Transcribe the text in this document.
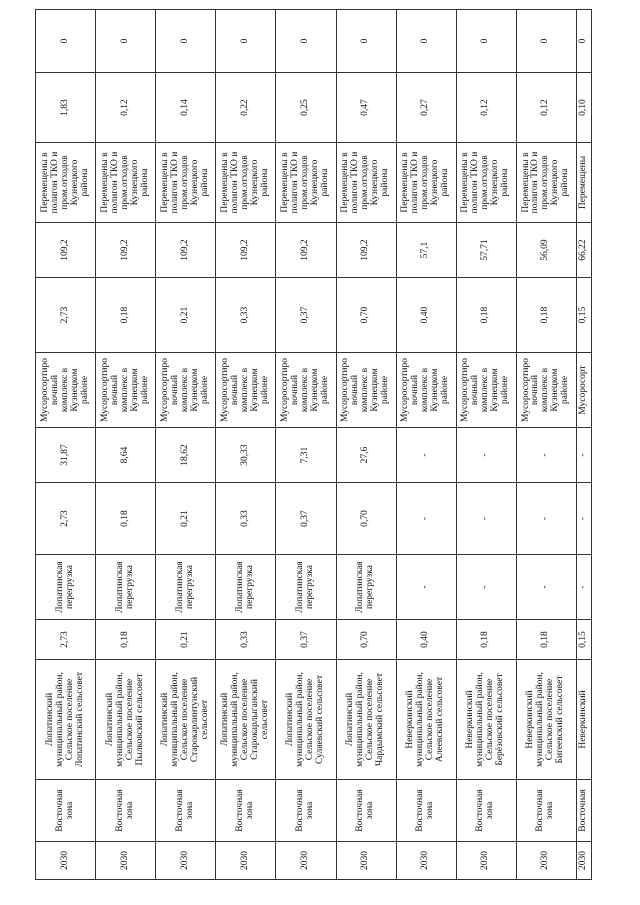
2030	Восточная зона	Лопатинский муниципальный район, Сельское поселение Лопатинский сельсовет	2,73	Лопатинская перегрузка	2,73	31,87	Мусоросортировочный комплекс в Кузнецком районе	2,73	109,2	Перемещены в полигон ТКО и пром.отходов Кузнецкого района	1,83	0
2030	Восточная зона	Лопатинский муниципальный район, Сельское поселение Пылковский сельсовет	0,18	Лопатинская перегрузка	0,18	8,64	Мусоросортировочный комплекс в Кузнецком районе	0,18	109,2	Перемещены в полигон ТКО и пром.отходов Кузнецкого района	0,12	0
2030	Восточная зона	Лопатинский муниципальный район, Сельское поселение Старокарлинтунский сельсовет	0,21	Лопатинская перегрузка	0,21	18,62	Мусоросортировочный комплекс в Кузнецком районе	0,21	109,2	Перемещены в полигон ТКО и пром.отходов Кузнецкого района	0,14	0
2030	Восточная зона	Лопатинский муниципальный район, Сельское поселение Старокарлыганский сельсовет	0,33	Лопатинская перегрузка	0,33	30,33	Мусоросортировочный комплекс в Кузнецком районе	0,33	109,2	Перемещены в полигон ТКО и пром.отходов Кузнецкого района	0,22	0
2030	Восточная зона	Лопатинский муниципальный район, Сельское поселение Суляевский сельсовет	0,37	Лопатинская перегрузка	0,37	7,31	Мусоросортировочный комплекс в Кузнецком районе	0,37	109,2	Перемещены в полигон ТКО и пром.отходов Кузнецкого района	0,25	0
2030	Восточная зона	Лопатинский муниципальный район, Сельское поселение Чардымский сельсовет	0,70	Лопатинская перегрузка	0,70	27,6	Мусоросортировочный комплекс в Кузнецком районе	0,70	109,2	Перемещены в полигон ТКО и пром.отходов Кузнецкого района	0,47	0
2030	Восточная зона	Неверкинский муниципальный район, Сельское поселение Алеевский сельсовет	0,40	-	-	-	Мусоросортировочный комплекс в Кузнецком районе	0,40	57,1	Перемещены в полигон ТКО и пром.отходов Кузнецкого района	0,27	0
2030	Восточная зона	Неверкинский муниципальный район, Сельское поселение Берёзовский сельсовет	0,18	-	-	-	Мусоросортировочный комплекс в Кузнецком районе	0,18	57,71	Перемещены в полигон ТКО и пром.отходов Кузнецкого района	0,12	0
2030	Восточная зона	Неверкинский муниципальный район, Сельское поселение Бигеевский сельсовет	0,18	-	-	-	Мусоросортировочный комплекс в Кузнецком районе	0,18	56,09	Перемещены в полигон ТКО и пром.отходов Кузнецкого района	0,12	0
2030	Восточная	Неверкинский	0,15	-	-	-	Мусоросорт	0,15	66,22	Перемещены	0,10	0
